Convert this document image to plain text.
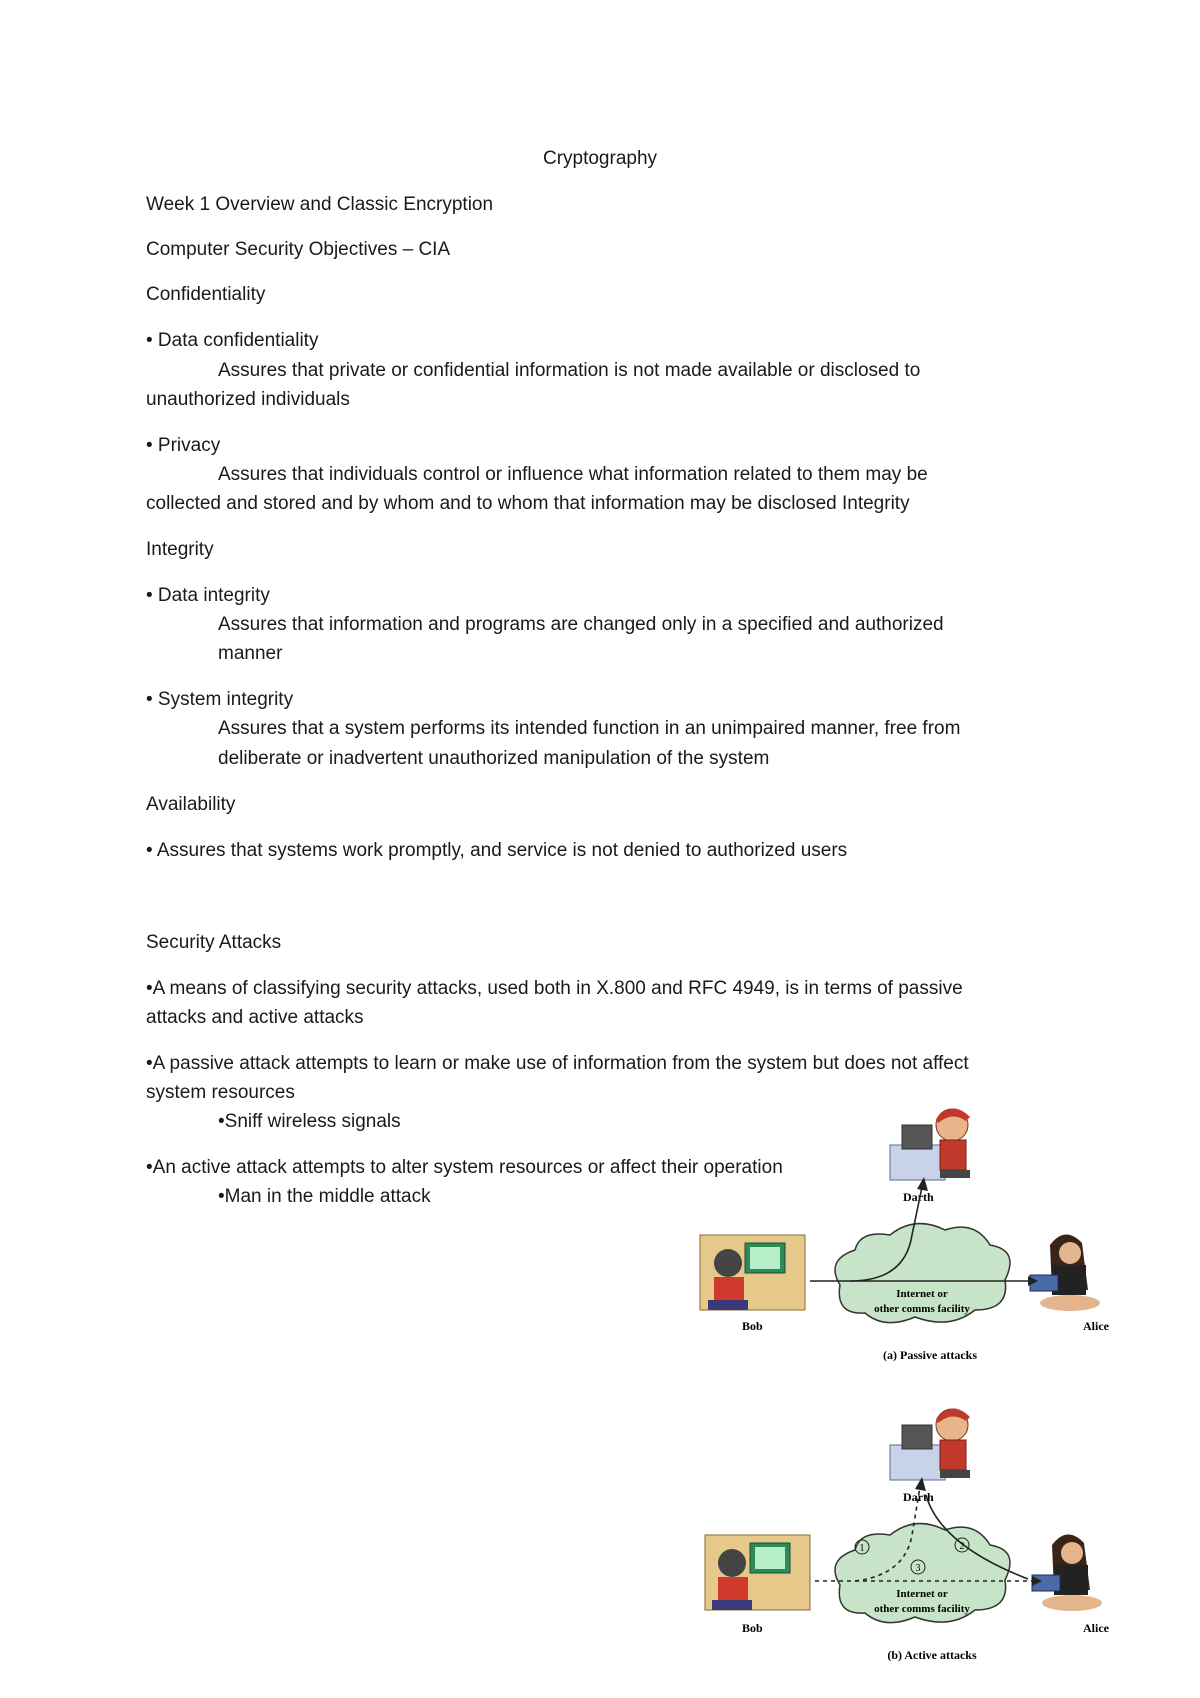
Cryptography
Week 1 Overview and Classic Encryption
Computer Security Objectives – CIA
Confidentiality
• Data confidentiality
Assures that private or confidential information is not made available or disclosed to
unauthorized individuals
• Privacy
Assures that individuals control or influence what information related to them may be
collected and stored and by whom and to whom that information may be disclosed Integrity
Integrity
• Data integrity
Assures that information and programs are changed only in a specified and authorized
manner
• System integrity
Assures that a system performs its intended function in an unimpaired manner, free from
deliberate or inadvertent unauthorized manipulation of the system
Availability
• Assures that systems work promptly, and service is not denied to authorized users
Security Attacks
•A means of classifying security attacks, used both in X.800 and RFC 4949, is in terms of passive
attacks and active attacks
•A passive attack attempts to learn or make use of information from the system but does not affect
system resources
•Sniff wireless signals
•An active attack attempts to alter system resources or affect their operation
•Man in the middle attack	Darth
Bob	Alice
Internet or
other comms facility
(a) Passive attacks
Darth
Bob	Alice
Internet or
other comms facility
1	2
3
(b) Active attacks
